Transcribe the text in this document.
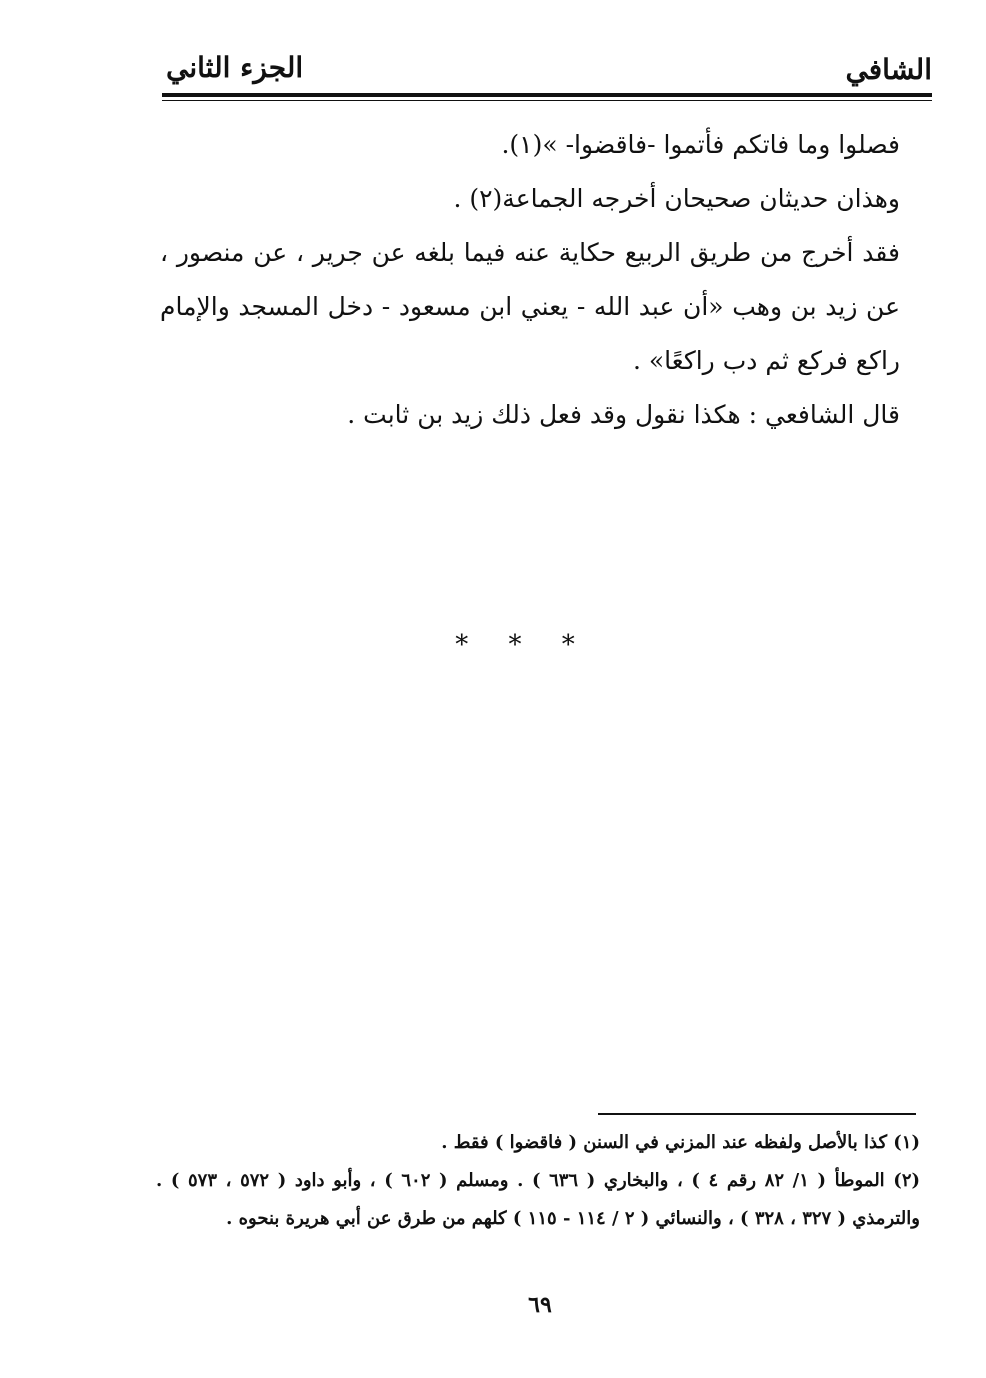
الشافي
الجزء الثاني

فصلوا وما فاتكم فأتموا -فاقضوا- »(١).

وهذان حديثان صحيحان أخرجه الجماعة(٢) .

فقد أخرج من طريق الربيع حكاية عنه فيما بلغه عن جرير ، عن منصور ، عن زيد بن وهب «أن عبد الله - يعني ابن مسعود - دخل المسجد والإمام راكع فركع ثم دب راكعًا» .

قال الشافعي : هكذا نقول وقد فعل ذلك زيد بن ثابت .

* * *

(١) كذا بالأصل ولفظه عند المزني في السنن ( فاقضوا ) فقط .

(٢) الموطأ ( ١/ ٨٢ رقم ٤ ) ، والبخاري ( ٦٣٦ ) . ومسلم ( ٦٠٢ ) ، وأبو داود ( ٥٧٢ ، ٥٧٣ ) . والترمذي ( ٣٢٧ ، ٣٢٨ ) ، والنسائي ( ٢ / ١١٤ - ١١٥ ) كلهم من طرق عن أبي هريرة بنحوه .

٦٩
